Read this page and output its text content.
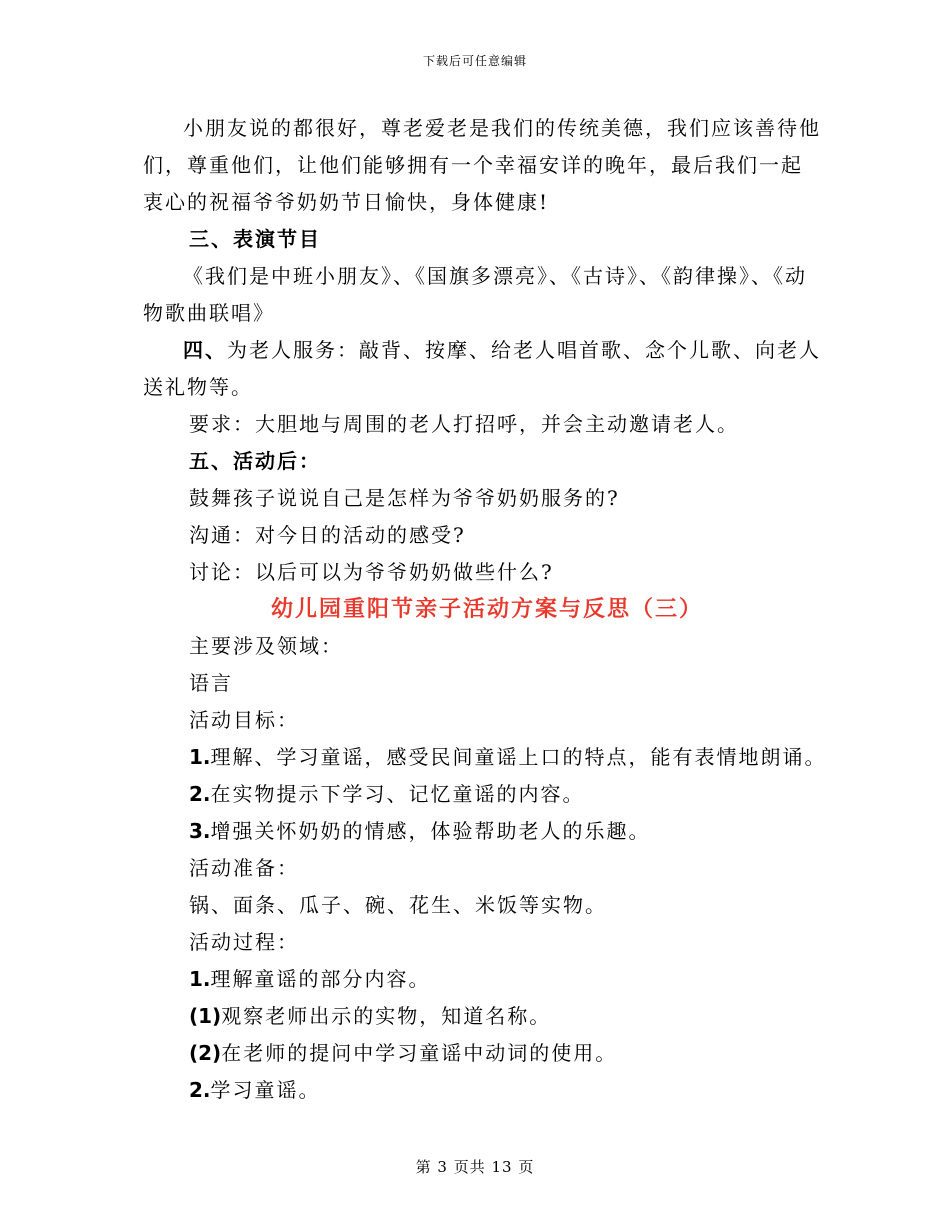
下载后可任意编辑

小朋友说的都很好，尊老爱老是我们的传统美德，我们应该善待他们，尊重他们，让他们能够拥有一个幸福安详的晚年，最后我们一起衷心的祝福爷爷奶奶节日愉快，身体健康!

三、表演节目

《我们是中班小朋友》、《国旗多漂亮》、《古诗》、《韵律操》、《动物歌曲联唱》

四、为老人服务：敲背、按摩、给老人唱首歌、念个儿歌、向老人送礼物等。

要求：大胆地与周围的老人打招呼，并会主动邀请老人。

五、活动后：

鼓舞孩子说说自己是怎样为爷爷奶奶服务的?

沟通：对今日的活动的感受?

讨论：以后可以为爷爷奶奶做些什么?

幼儿园重阳节亲子活动方案与反思（三）

主要涉及领域：

语言

活动目标：

1.理解、学习童谣，感受民间童谣上口的特点，能有表情地朗诵。

2.在实物提示下学习、记忆童谣的内容。

3.增强关怀奶奶的情感，体验帮助老人的乐趣。

活动准备：

锅、面条、瓜子、碗、花生、米饭等实物。

活动过程：

1.理解童谣的部分内容。

(1)观察老师出示的实物，知道名称。

(2)在老师的提问中学习童谣中动词的使用。

2.学习童谣。

第 3 页共 13 页
